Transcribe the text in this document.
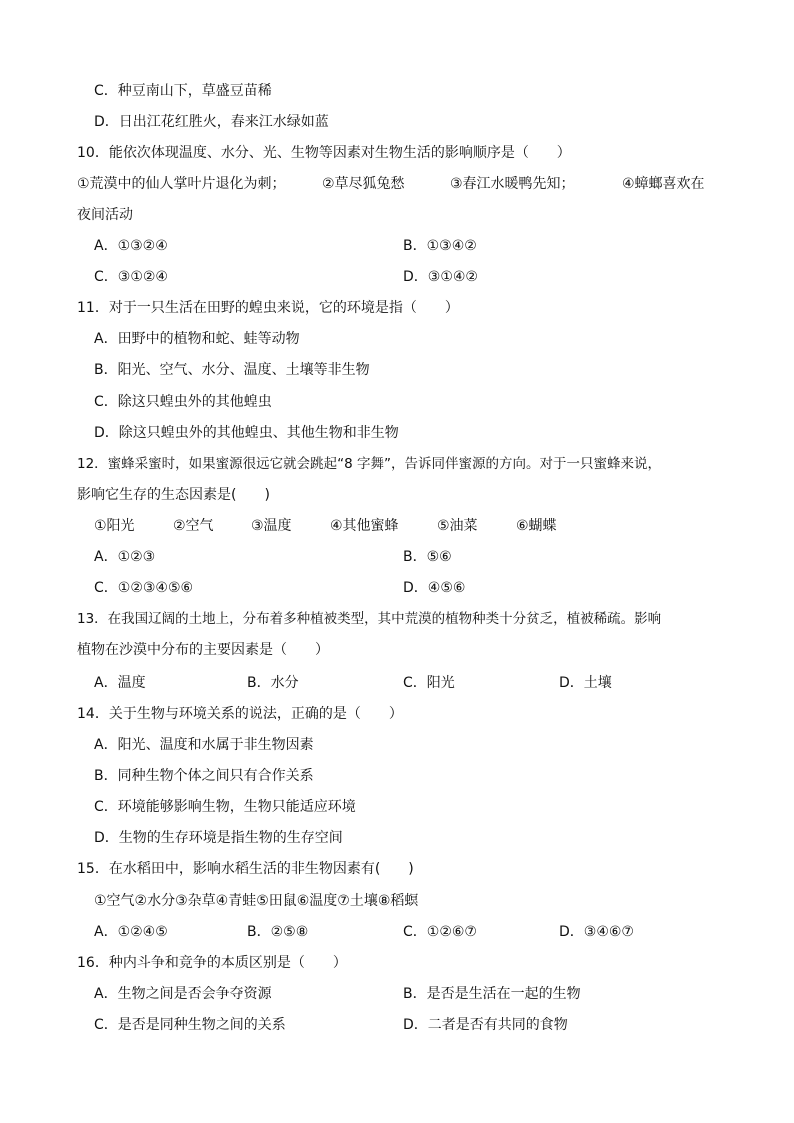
C．种豆南山下，草盛豆苗稀
D．日出江花红胜火，春来江水绿如蓝
10．能依次体现温度、水分、光、生物等因素对生物生活的影响顺序是（　　）
①荒漠中的仙人掌叶片退化为刺；	②草尽狐兔愁	③春江水暖鸭先知；	④蟑螂喜欢在
夜间活动
A．①③②④	B．①③④②
C．③①②④	D．③①④②
11．对于一只生活在田野的蝗虫来说，它的环境是指（　　）
A．田野中的植物和蛇、蛙等动物
B．阳光、空气、水分、温度、土壤等非生物
C．除这只蝗虫外的其他蝗虫
D．除这只蝗虫外的其他蝗虫、其他生物和非生物
12．蜜蜂采蜜时，如果蜜源很远它就会跳起“8 字舞”，告诉同伴蜜源的方向。对于一只蜜蜂来说，
影响它生存的生态因素是(　　)
①阳光	②空气	③温度	④其他蜜蜂	⑤油菜	⑥蝴蝶
A．①②③	B．⑤⑥
C．①②③④⑤⑥	D．④⑤⑥
13．在我国辽阔的土地上，分布着多种植被类型，其中荒漠的植物种类十分贫乏，植被稀疏。影响
植物在沙漠中分布的主要因素是（　　）
A．温度	B．水分	C．阳光	D．土壤
14．关于生物与环境关系的说法，正确的是（　　）
A．阳光、温度和水属于非生物因素
B．同种生物个体之间只有合作关系
C．环境能够影响生物，生物只能适应环境
D．生物的生存环境是指生物的生存空间
15．在水稻田中，影响水稻生活的非生物因素有(　　)
①空气②水分③杂草④青蛙⑤田鼠⑥温度⑦土壤⑧稻螟
A．①②④⑤	B．②⑤⑧	C．①②⑥⑦	D．③④⑥⑦
16．种内斗争和竞争的本质区别是（　　）
A．生物之间是否会争夺资源	B．是否是生活在一起的生物
C．是否是同种生物之间的关系	D．二者是否有共同的食物
